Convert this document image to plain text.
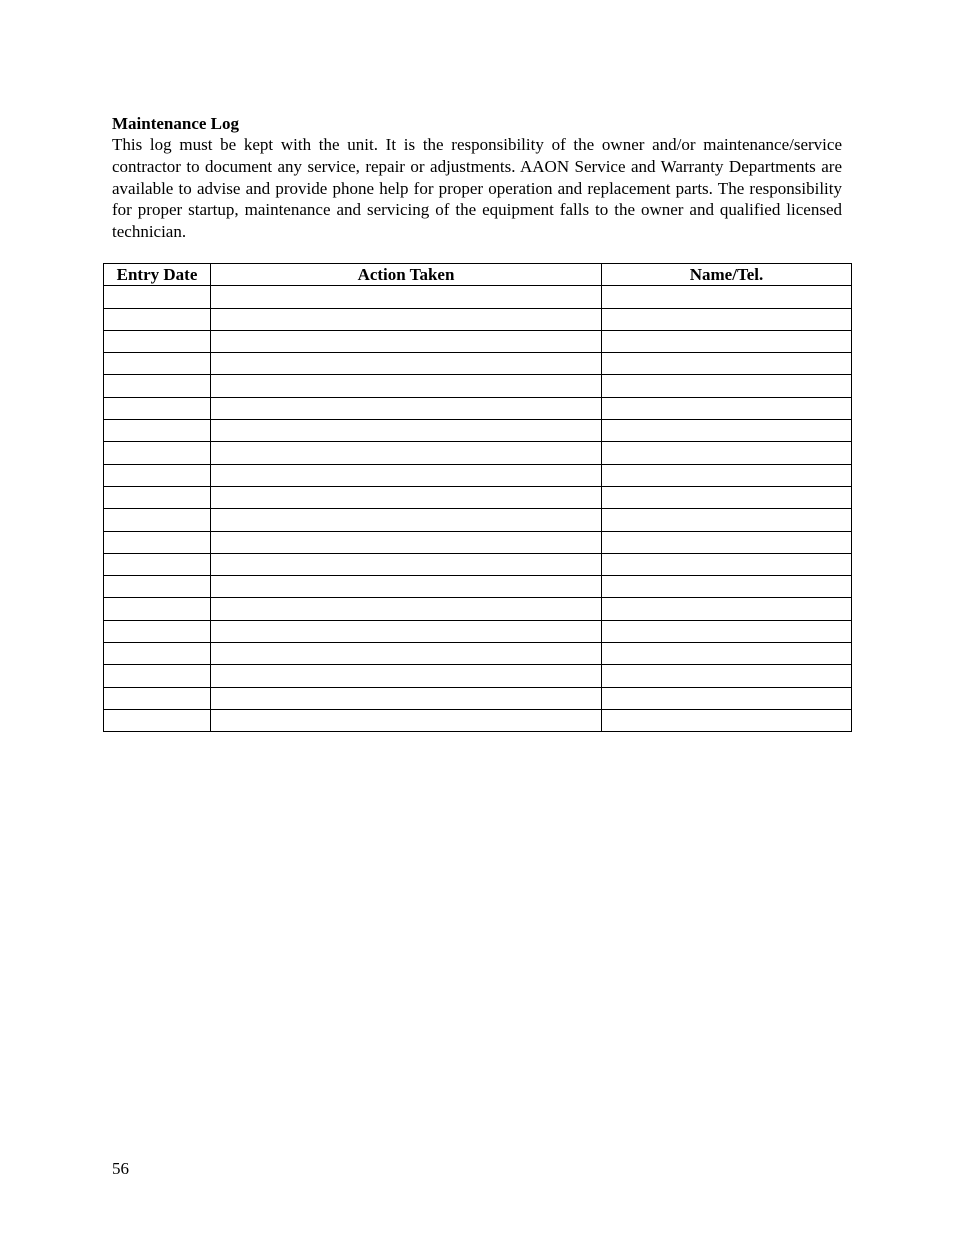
Maintenance Log

This log must be kept with the unit. It is the responsibility of the owner and/or maintenance/service contractor to document any service, repair or adjustments. AAON Service and Warranty Departments are available to advise and provide phone help for proper operation and replacement parts. The responsibility for proper startup, maintenance and servicing of the equipment falls to the owner and qualified licensed technician.

Entry Date	Action Taken	Name/Tel.

56
